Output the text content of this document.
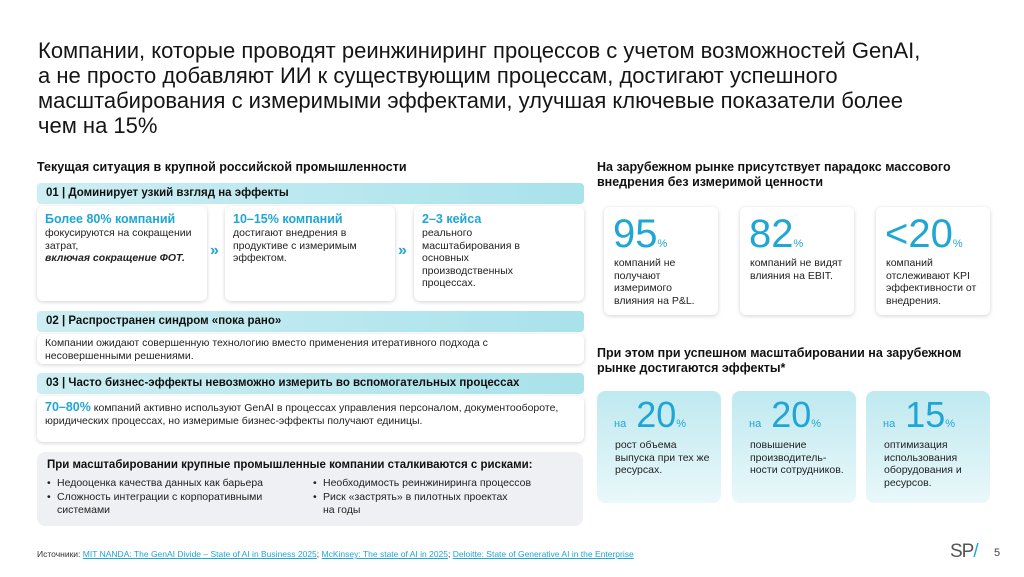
Компании, которые проводят реинжиниринг процессов с учетом возможностей GenAI, а не просто добавляют ИИ к существующим процессам, достигают успешного масштабирования с измеримыми эффектами, улучшая ключевые показатели более чем на 15%
Текущая ситуация в крупной российской промышленности
01 | Доминирует узкий взгляд на эффекты
Более 80% компаний
фокусируются на сокращении затрат,
включая сокращение ФОТ.	»
10–15% компаний
достигают внедрения в продуктиве с измеримым эффектом.	»
2–3 кейса
реального масштабирования в основных производственных процессах.
02 | Распространен синдром «пока рано»
Компании ожидают совершенную технологию вместо применения итеративного подхода с несовершенными решениями.
03 | Часто бизнес-эффекты невозможно измерить во вспомогательных процессах
70–80% компаний активно используют GenAI в процессах управления персоналом, документообороте, юридических процессах, но измеримые бизнес-эффекты получают единицы.
При масштабировании крупные промышленные компании сталкиваются с рисками:
• Недооценка качества данных как барьера
• Сложность интеграции с корпоративными системами
• Необходимость реинжиниринга процессов
• Риск «застрять» в пилотных проектах на годы
На зарубежном рынке присутствует парадокс массового внедрения без измеримой ценности
95%
компаний не получают измеримого влияния на P&L.
82%
компаний не видят влияния на EBIT.
<20%
компаний отслеживают KPI эффективности от внедрения.
При этом при успешном масштабировании на зарубежном рынке достигаются эффекты*
на 20%
рост объема выпуска при тех же ресурсах.
на 20%
повышение производитель-ности сотрудников.
на 15%
оптимизация использования оборудования и ресурсов.
Источники: MIT NANDA: The GenAI Divide – State of AI in Business 2025; McKinsey: The state of AI in 2025; Deloitte: State of Generative AI in the Enterprise	SP/ 5
